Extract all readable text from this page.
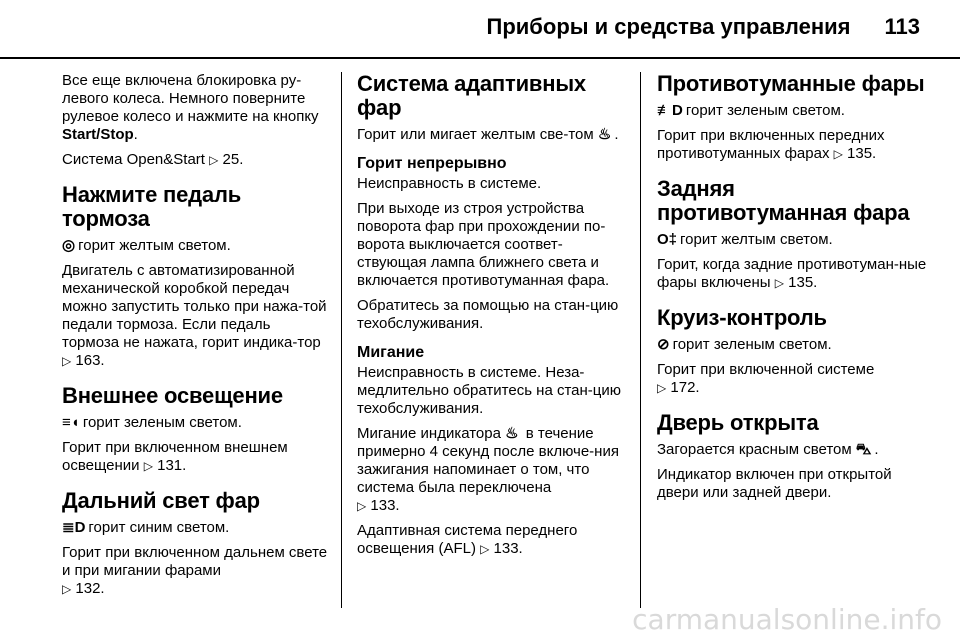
Приборы и средства управления 113

Все еще включена блокировка ру-левого колеса. Немного поверните рулевое колесо и нажмите на кнопку Start/Stop.

Система Open&Start ▷ 25.

Нажмите педаль тормоза

◎ горит желтым светом.

Двигатель с автоматизированной механической коробкой передач можно запустить только при нажа-той педали тормоза. Если педаль тормоза не нажата, горит индика-тор ▷ 163.

Внешнее освещение

≡◖ горит зеленым светом.

Горит при включенном внешнем освещении ▷ 131.

Дальний свет фар

≣D горит синим светом.

Горит при включенном дальнем свете и при мигании фарами
▷ 132.

Система адаптивных фар

Горит или мигает желтым све-том ♨ .

Горит непрерывно

Неисправность в системе.

При выходе из строя устройства поворота фар при прохождении по-ворота выключается соответ-ствующая лампа ближнего света и включается противотуманная фара.

Обратитесь за помощью на стан-цию техобслуживания.

Мигание

Неисправность в системе. Неза-медлительно обратитесь на стан-цию техобслуживания.

Мигание индикатора ♨ в течение примерно 4 секунд после включе-ния зажигания напоминает о том, что система была переключена
▷ 133.

Адаптивная система переднего освещения (AFL) ▷ 133.

Противотуманные фары

≢D горит зеленым светом.

Горит при включенных передних противотуманных фарах ▷ 135.

Задняя противотуманная фара

O‡ горит желтым светом.

Горит, когда задние противотуман-ные фары включены ▷ 135.

Круиз-контроль

⊘ горит зеленым светом.

Горит при включенной системе
▷ 172.

Дверь открыта

Загорается красным светом ⛍ .

Индикатор включен при открытой двери или задней двери.

carmanualsonline.info
